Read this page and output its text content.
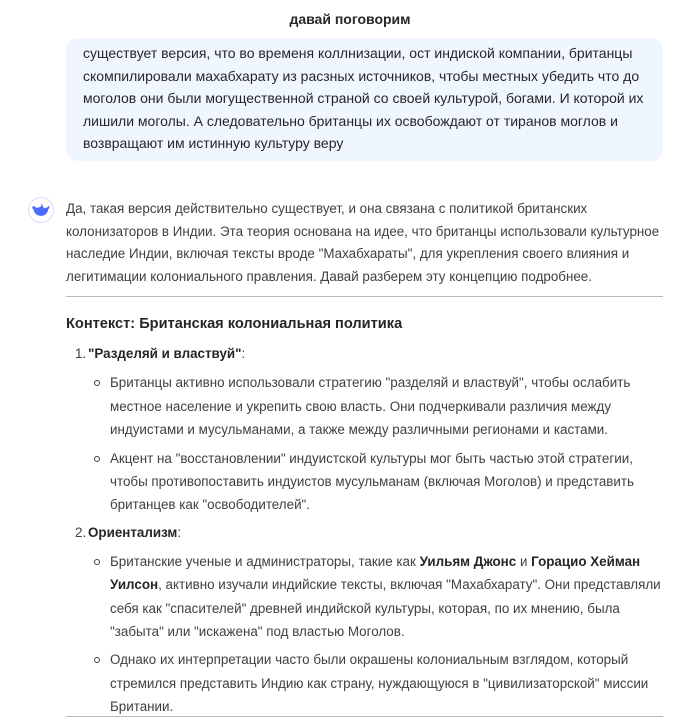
давай поговорим

существует версия, что во временя коллнизации, ост индиской компании, британцы скомпилировали махабхарату из расзных источников, чтобы местных убедить что до моголов они были могущественной страной со своей культурой, богами. И которой их лишили моголы. А следовательно британцы их освобождают от тиранов моглов и возвращают им истинную культуру веру

Да, такая версия действительно существует, и она связана с политикой британских колонизаторов в Индии. Эта теория основана на идее, что британцы использовали культурное наследие Индии, включая тексты вроде "Махабхараты", для укрепления своего влияния и легитимации колониального правления. Давай разберем эту концепцию подробнее.

Контекст: Британская колониальная политика
1. "Разделяй и властвуй":
Британцы активно использовали стратегию "разделяй и властвуй", чтобы ослабить местное население и укрепить свою власть. Они подчеркивали различия между индуистами и мусульманами, а также между различными регионами и кастами.
Акцент на "восстановлении" индуистской культуры мог быть частью этой стратегии, чтобы противопоставить индуистов мусульманам (включая Моголов) и представить британцев как "освободителей".
2. Ориентализм:
Британские ученые и администраторы, такие как Уильям Джонс и Горацио Хейман Уилсон, активно изучали индийские тексты, включая "Махабхарату". Они представляли себя как "спасителей" древней индийской культуры, которая, по их мнению, была "забыта" или "искажена" под властью Моголов.
Однако их интерпретации часто были окрашены колониальным взглядом, который стремился представить Индию как страну, нуждающуюся в "цивилизаторской" миссии Британии.
